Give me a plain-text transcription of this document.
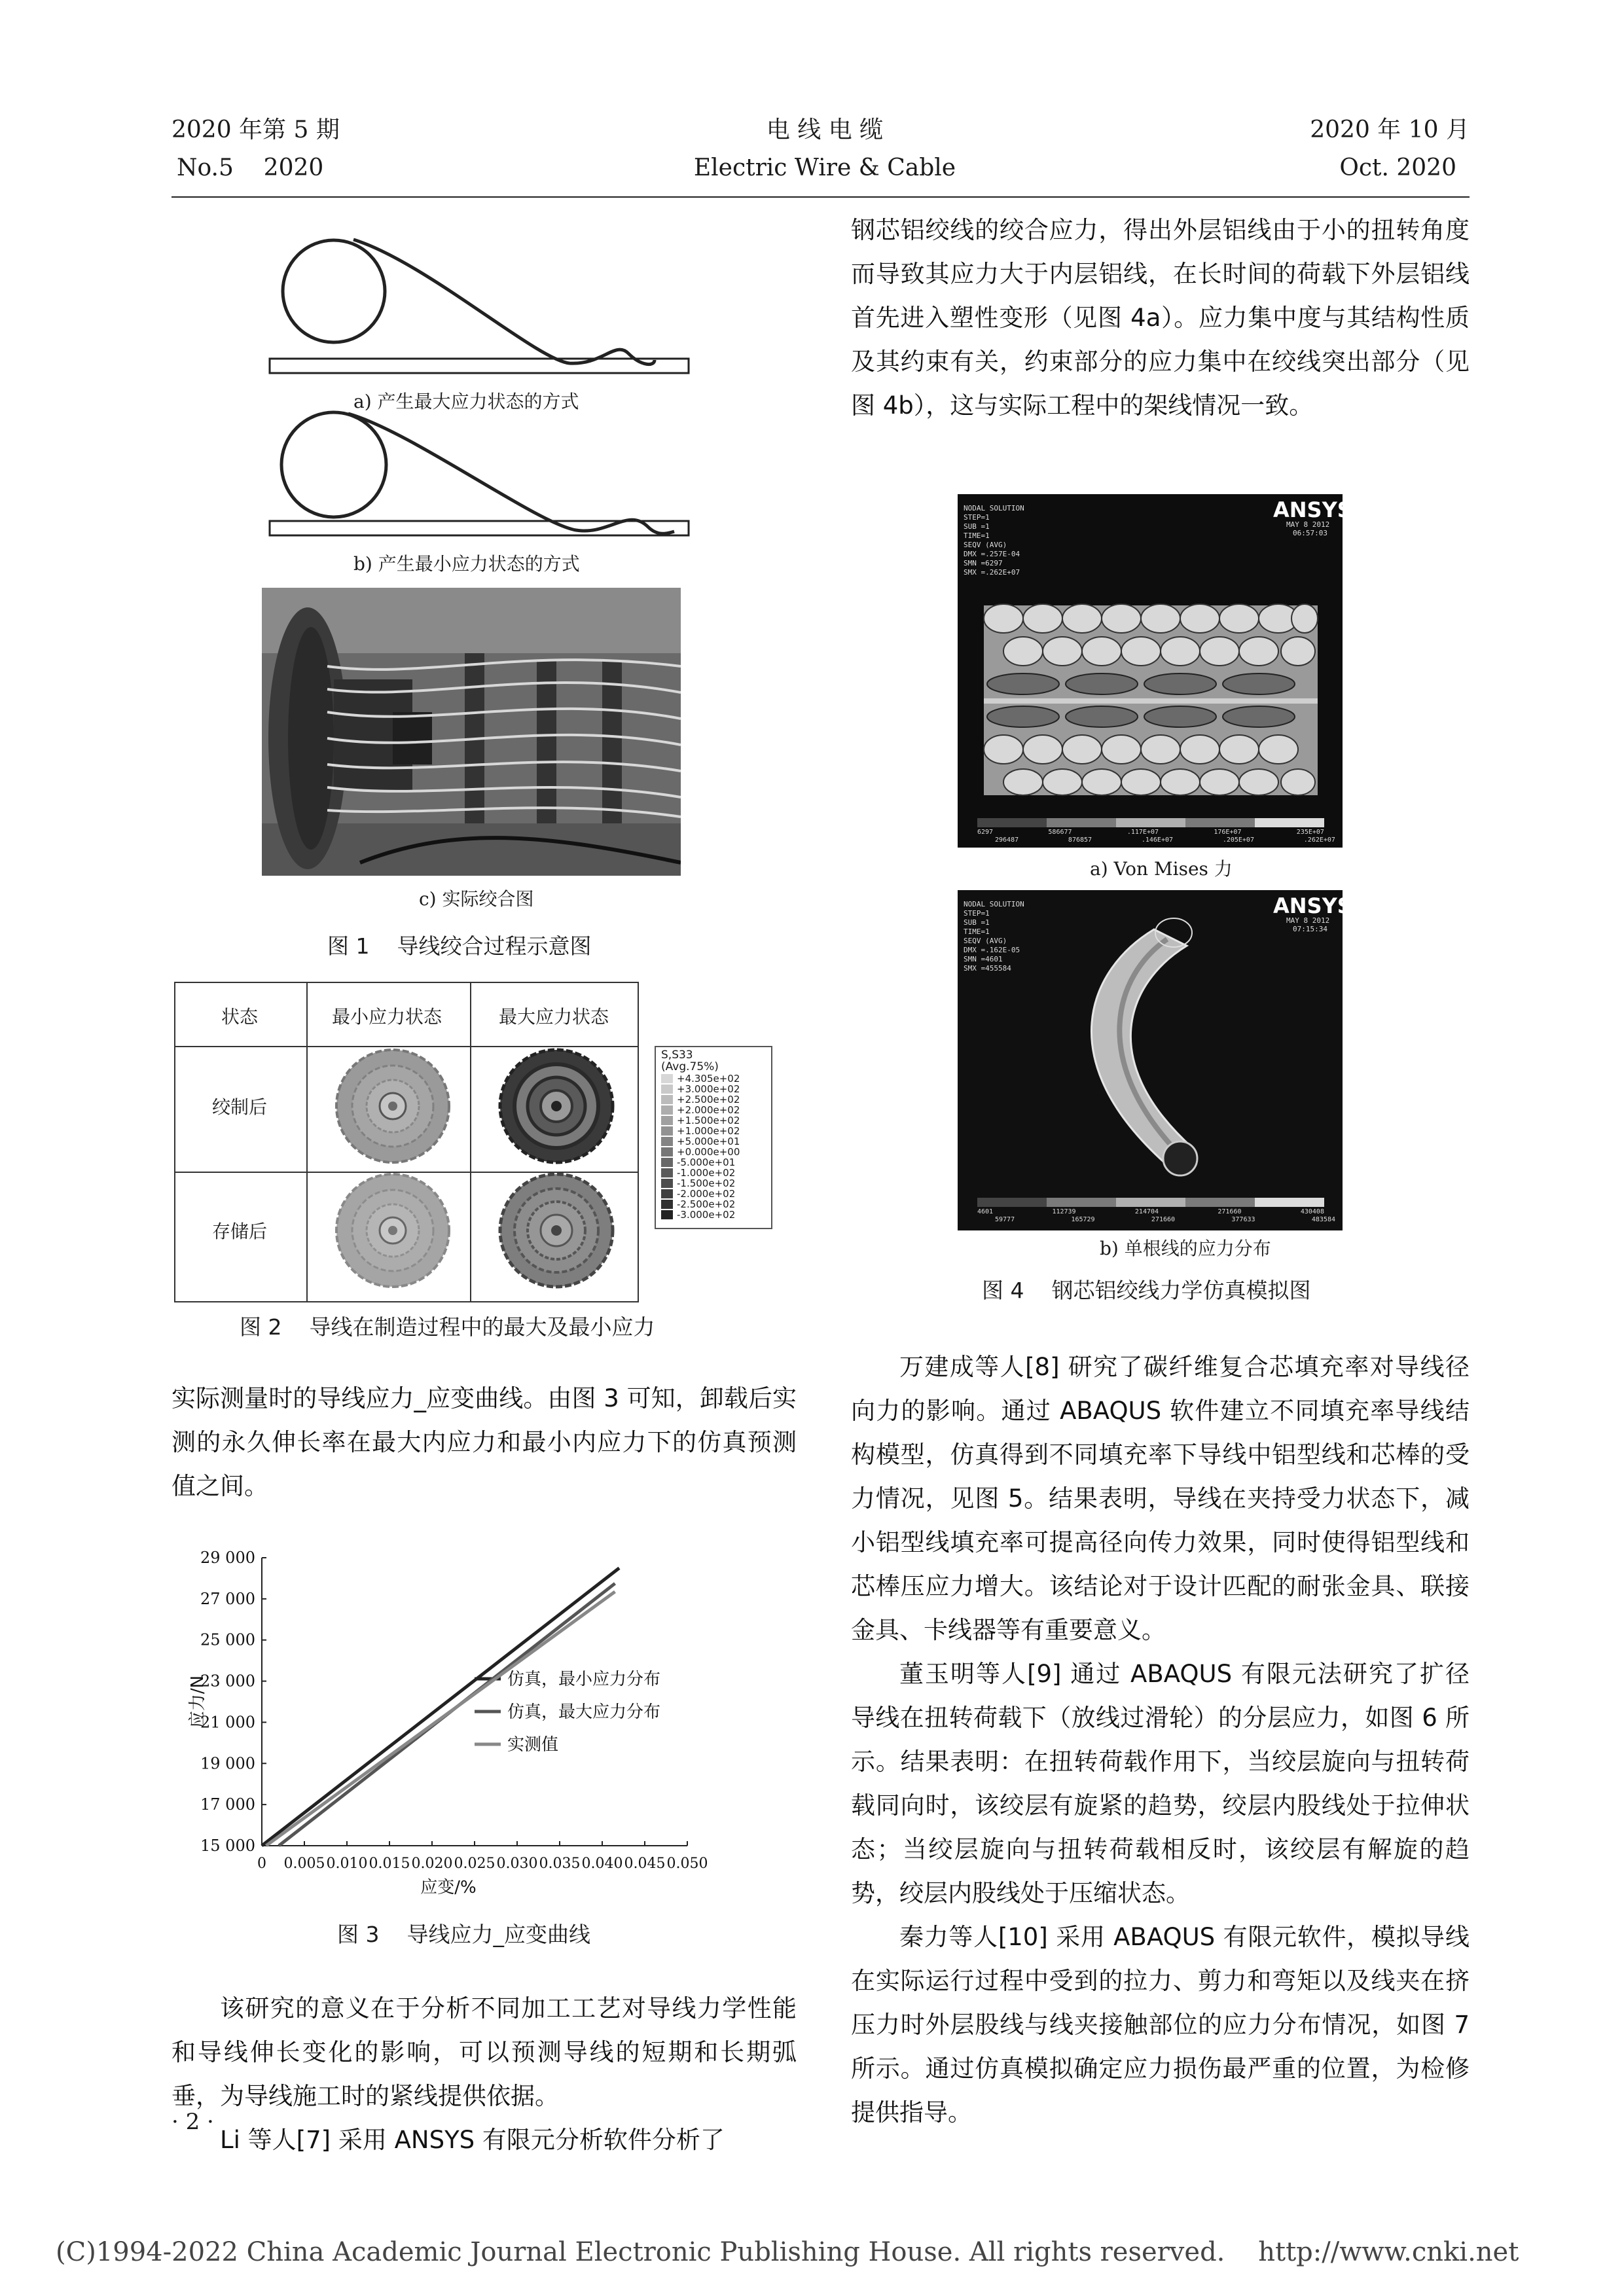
2020 年第 5 期
No.5    2020
电 线 电 缆
Electric Wire & Cable
2020 年 10 月
Oct. 2020
a) 产生最大应力状态的方式
b) 产生最小应力状态的方式
c) 实际绞合图
图 1    导线绞合过程示意图
状态	最小应力状态	最大应力状态
绞制后
存储后
S,S33
(Avg.75%)
+4.305e+02
+3.000e+02
+2.500e+02
+2.000e+02
+1.500e+02
+1.000e+02
+5.000e+01
+0.000e+00
-5.000e+01
-1.000e+02
-1.500e+02
-2.000e+02
-2.500e+02
-3.000e+02
图 2    导线在制造过程中的最大及最小应力

实际测量时的导线应力_应变曲线。由图 3 可知，卸载后实测的永久伸长率在最大内应力和最小内应力下的仿真预测值之间。

15 000
17 000
19 000
21 000
23 000
25 000
27 000
29 000
0 0.005 0.010 0.015 0.020 0.025 0.030 0.035 0.040 0.045 0.050
应变/%
应力/N	仿真，最小应力分布
仿真，最大应力分布
实测值
图 3    导线应力_应变曲线

该研究的意义在于分析不同加工工艺对导线力学性能和导线伸长变化的影响，可以预测导线的短期和长期弧垂，为导线施工时的紧线提供依据。

Li 等人[7] 采用 ANSYS 有限元分析软件分析了

钢芯铝绞线的绞合应力，得出外层铝线由于小的扭转角度而导致其应力大于内层铝线，在长时间的荷载下外层铝线首先进入塑性变形（见图 4a）。应力集中度与其结构性质及其约束有关，约束部分的应力集中在绞线突出部分（见图 4b），这与实际工程中的架线情况一致。

ANSYS
NODAL SOLUTION
STEP=1
SUB =1
TIME=1
SEQV (AVG)
DMX =.257E-04
SMN =6297
SMX =.262E+07
MAY 8 2012
06:57:03
6297	586677	.117E+07	176E+07	235E+07
296487	876857	.146E+07	.205E+07	.262E+07
a) Von Mises 力
ANSYS
NODAL SOLUTION
STEP=1
SUB =1
TIME=1
SEQV (AVG)
DMX =.162E-05
SMN =4601
SMX =455584
MAY 8 2012
07:15:34
4601	112739	214704	271660	430408
59777	165729	271660	377633	483584
b) 单根线的应力分布
图 4    钢芯铝绞线力学仿真模拟图

万建成等人[8] 研究了碳纤维复合芯填充率对导线径向力的影响。通过 ABAQUS 软件建立不同填充率导线结构模型，仿真得到不同填充率下导线中铝型线和芯棒的受力情况，见图 5。结果表明，导线在夹持受力状态下，减小铝型线填充率可提高径向传力效果，同时使得铝型线和芯棒压应力增大。该结论对于设计匹配的耐张金具、联接金具、卡线器等有重要意义。

董玉明等人[9] 通过 ABAQUS 有限元法研究了扩径导线在扭转荷载下（放线过滑轮）的分层应力，如图 6 所示。结果表明：在扭转荷载作用下，当绞层旋向与扭转荷载同向时，该绞层有旋紧的趋势，绞层内股线处于拉伸状态；当绞层旋向与扭转荷载相反时，该绞层有解旋的趋势，绞层内股线处于压缩状态。

秦力等人[10] 采用 ABAQUS 有限元软件，模拟导线在实际运行过程中受到的拉力、剪力和弯矩以及线夹在挤压力时外层股线与线夹接触部位的应力分布情况，如图 7 所示。通过仿真模拟确定应力损伤最严重的位置，为检修提供指导。

· 2 ·
(C)1994-2022 China Academic Journal Electronic Publishing House. All rights reserved.    http://www.cnki.net
